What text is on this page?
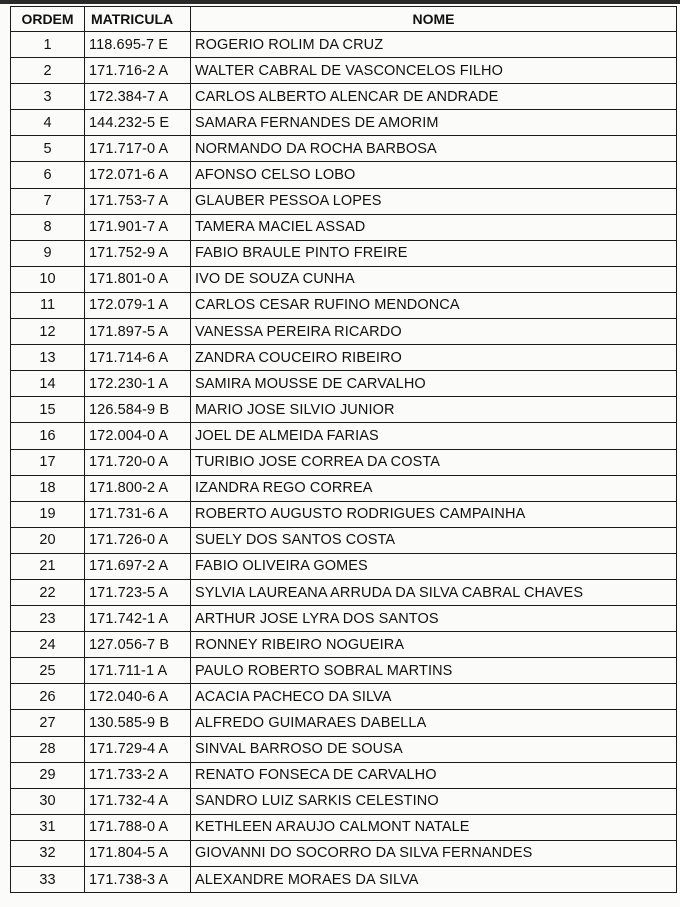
ORDEM	MATRICULA	NOME
1	118.695-7 E	ROGERIO ROLIM DA CRUZ
2	171.716-2 A	WALTER CABRAL DE VASCONCELOS FILHO
3	172.384-7 A	CARLOS ALBERTO ALENCAR DE ANDRADE
4	144.232-5 E	SAMARA FERNANDES DE AMORIM
5	171.717-0 A	NORMANDO DA ROCHA BARBOSA
6	172.071-6 A	AFONSO CELSO LOBO
7	171.753-7 A	GLAUBER PESSOA LOPES
8	171.901-7 A	TAMERA MACIEL ASSAD
9	171.752-9 A	FABIO BRAULE PINTO FREIRE
10	171.801-0 A	IVO DE SOUZA CUNHA
11	172.079-1 A	CARLOS CESAR RUFINO MENDONCA
12	171.897-5 A	VANESSA PEREIRA RICARDO
13	171.714-6 A	ZANDRA COUCEIRO RIBEIRO
14	172.230-1 A	SAMIRA MOUSSE DE CARVALHO
15	126.584-9 B	MARIO JOSE SILVIO JUNIOR
16	172.004-0 A	JOEL DE ALMEIDA FARIAS
17	171.720-0 A	TURIBIO JOSE CORREA DA COSTA
18	171.800-2 A	IZANDRA REGO CORREA
19	171.731-6 A	ROBERTO AUGUSTO RODRIGUES CAMPAINHA
20	171.726-0 A	SUELY DOS SANTOS COSTA
21	171.697-2 A	FABIO OLIVEIRA GOMES
22	171.723-5 A	SYLVIA LAUREANA ARRUDA DA SILVA CABRAL CHAVES
23	171.742-1 A	ARTHUR JOSE LYRA DOS SANTOS
24	127.056-7 B	RONNEY RIBEIRO NOGUEIRA
25	171.711-1 A	PAULO ROBERTO SOBRAL MARTINS
26	172.040-6 A	ACACIA PACHECO DA SILVA
27	130.585-9 B	ALFREDO GUIMARAES DABELLA
28	171.729-4 A	SINVAL BARROSO DE SOUSA
29	171.733-2 A	RENATO FONSECA DE CARVALHO
30	171.732-4 A	SANDRO LUIZ SARKIS CELESTINO
31	171.788-0 A	KETHLEEN ARAUJO CALMONT NATALE
32	171.804-5 A	GIOVANNI DO SOCORRO DA SILVA FERNANDES
33	171.738-3 A	ALEXANDRE MORAES DA SILVA
